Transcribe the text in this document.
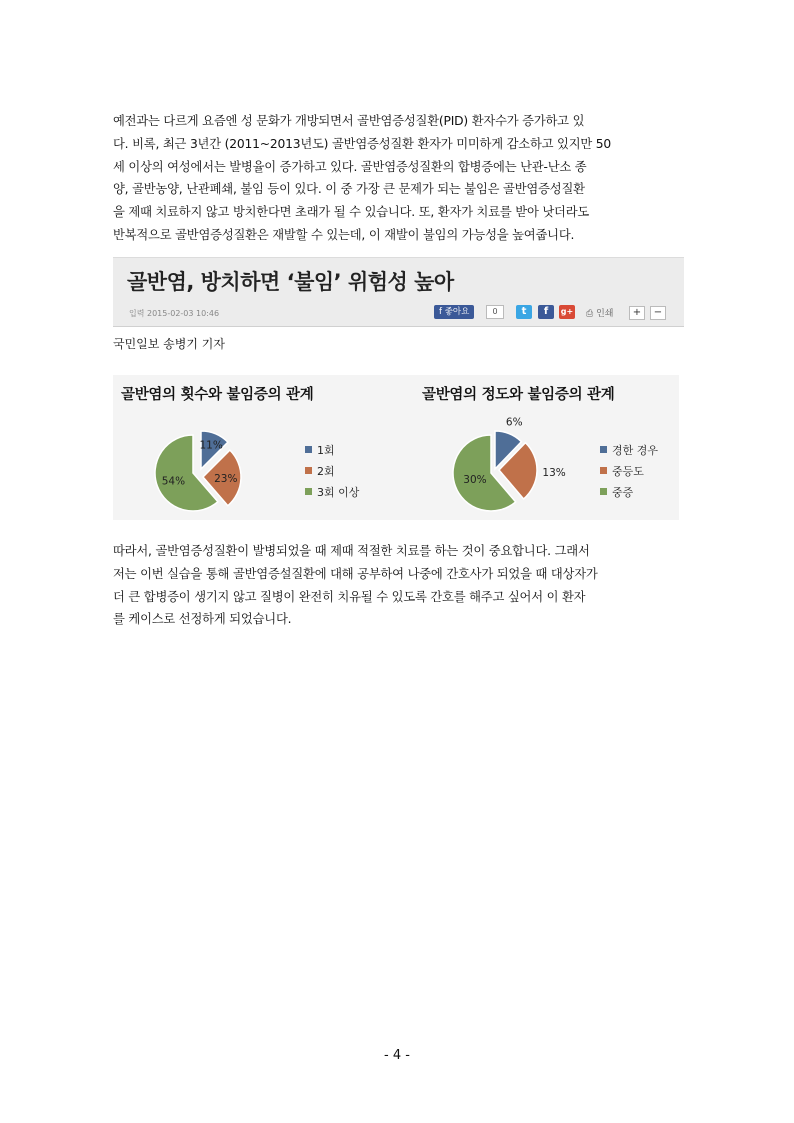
예전과는 다르게 요즘엔 성 문화가 개방되면서 골반염증성질환(PID) 환자수가 증가하고 있
다. 비록, 최근 3년간 (2011~2013년도) 골반염증성질환 환자가 미미하게 감소하고 있지만 50
세 이상의 여성에서는 발병율이 증가하고 있다. 골반염증성질환의 합병증에는 난관-난소 종
양, 골반농양, 난관폐쇄, 불임 등이 있다. 이 중 가장 큰 문제가 되는 불임은 골반염증성질환
을 제때 치료하지 않고 방치한다면 초래가 될 수 있습니다. 또, 환자가 치료를 받아 낫더라도
반복적으로 골반염증성질환은 재발할 수 있는데, 이 재발이 불임의 가능성을 높여줍니다.
골반염, 방치하면 ‘불임’ 위험성 높아
입력 2015-02-03 10:46	f 좋아요	0	t	f	g+ ⎙ 인쇄	+	−
국민일보 송병기 기자
골반염의 횟수와 불임증의 관계	골반염의 정도와 불임증의 관계
11%
23%
54%
6%
13%
30%
1회
2회
3회 이상
경한 경우
중등도
중증
따라서, 골반염증성질환이 발병되었을 때 제때 적절한 치료를 하는 것이 중요합니다. 그래서
저는 이번 실습을 통해 골반염증설질환에 대해 공부하여 나중에 간호사가 되었을 때 대상자가
더 큰 합병증이 생기지 않고 질병이 완전히 치유될 수 있도록 간호를 해주고 싶어서 이 환자
를 케이스로 선정하게 되었습니다.
- 4 -
